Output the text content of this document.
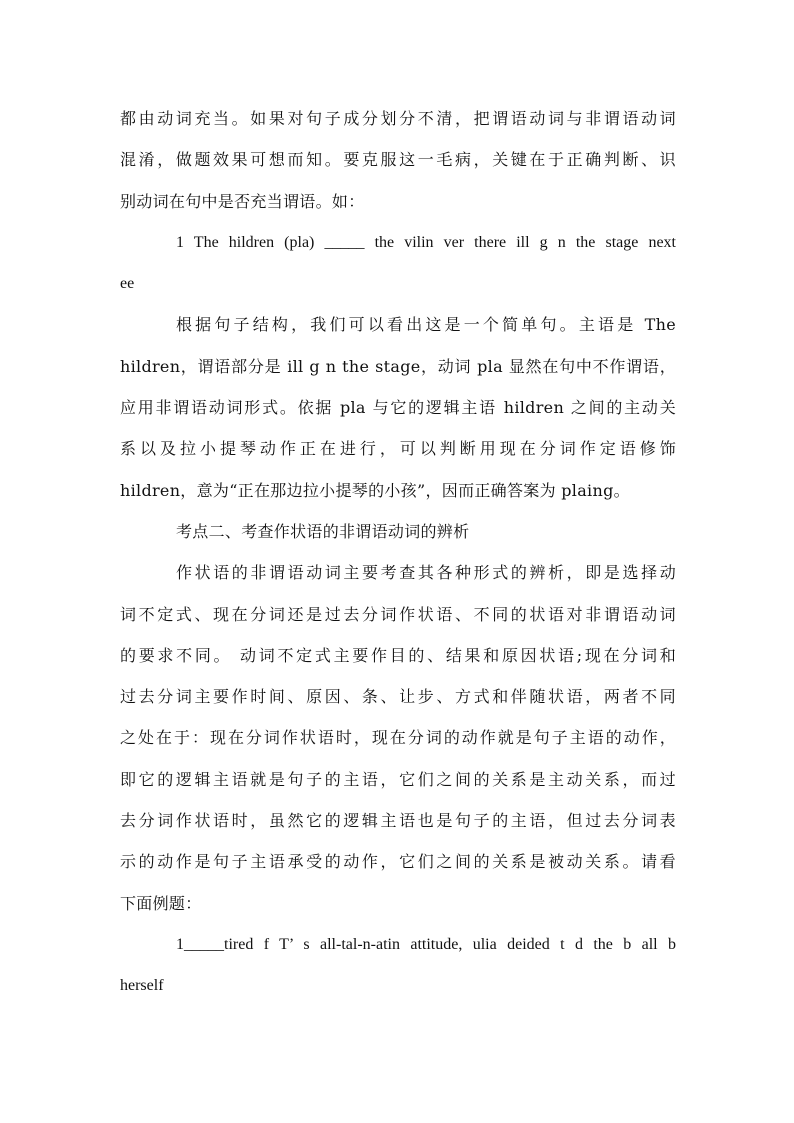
都由动词充当。如果对句子成分划分不清，把谓语动词与非谓语动词
混淆，做题效果可想而知。要克服这一毛病，关键在于正确判断、识
别动词在句中是否充当谓语。如：
1 The hildren (pla) _____ the vilin ver there ill g n the stage next
ee
根据句子结构，我们可以看出这是一个简单句。主语是 The
hildren，谓语部分是 ill g n the stage，动词 pla 显然在句中不作谓语，
应用非谓语动词形式。依据 pla 与它的逻辑主语 hildren 之间的主动关
系以及拉小提琴动作正在进行，可以判断用现在分词作定语修饰
hildren，意为“正在那边拉小提琴的小孩”，因而正确答案为 plaing。
考点二、考查作状语的非谓语动词的辨析
作状语的非谓语动词主要考查其各种形式的辨析，即是选择动
词不定式、现在分词还是过去分词作状语、不同的状语对非谓语动词
的要求不同。 动词不定式主要作目的、结果和原因状语;现在分词和
过去分词主要作时间、原因、条、让步、方式和伴随状语，两者不同
之处在于：现在分词作状语时，现在分词的动作就是句子主语的动作，
即它的逻辑主语就是句子的主语，它们之间的关系是主动关系，而过
去分词作状语时，虽然它的逻辑主语也是句子的主语，但过去分词表
示的动作是句子主语承受的动作，它们之间的关系是被动关系。请看
下面例题：
1_____tired f T’ s all-tal-n-atin attitude, ulia deided t d the b all b
herself
